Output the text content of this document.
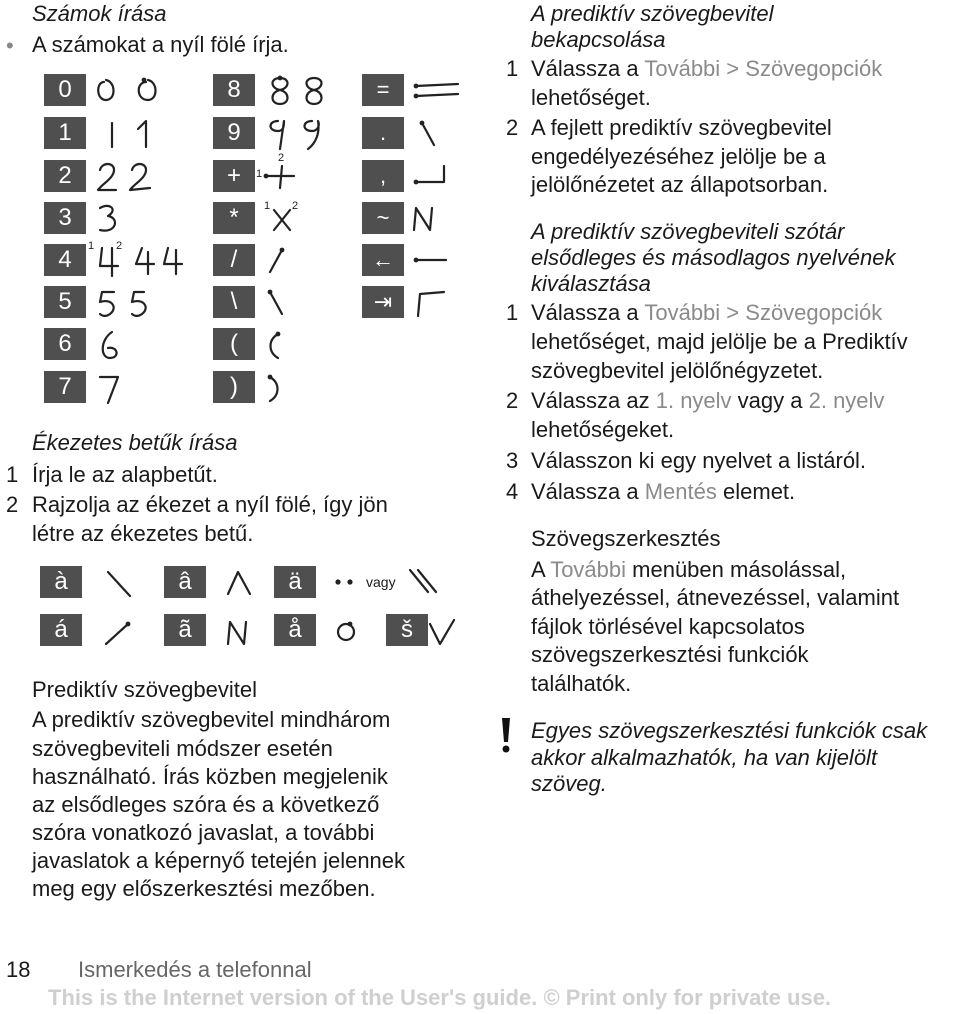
Számok írása
• A számokat a nyíl fölé írja.
0
1
2
3
4
5
6
7
8
9
+
*
/
\
(
)
=
.
,
~
←
⇥
1 2
1
2
1 2
Ékezetes betűk írása
1 Írja le az alapbetűt.
2 Rajzolja az ékezet a nyíl fölé, így jön
létre az ékezetes betű.
à	â	ä
á	ã	å	š
vagy
Prediktív szövegbevitel
A prediktív szövegbevitel mindhárom
szövegbeviteli módszer esetén
használható. Írás közben megjelenik
az elsődleges szóra és a következő
szóra vonatkozó javaslat, a további
javaslatok a képernyő tetején jelennek
meg egy előszerkesztési mezőben.
A prediktív szövegbevitel
bekapcsolása
1 Válassza a További > Szövegopciók
lehetőséget.
2 A fejlett prediktív szövegbevitel
engedélyezéséhez jelölje be a
jelölőnézetet az állapotsorban.
A prediktív szövegbeviteli szótár
elsődleges és másodlagos nyelvének
kiválasztása
1 Válassza a További > Szövegopciók
lehetőséget, majd jelölje be a Prediktív
szövegbevitel jelölőnégyzetet.
2 Válassza az 1. nyelv vagy a 2. nyelv
lehetőségeket.
3 Válasszon ki egy nyelvet a listáról.
4 Válassza a Mentés elemet.
Szövegszerkesztés
A További menüben másolással,
áthelyezéssel, átnevezéssel, valamint
fájlok törlésével kapcsolatos
szövegszerkesztési funkciók
találhatók.
Egyes szövegszerkesztési funkciók csak
akkor alkalmazhatók, ha van kijelölt
szöveg.
18 Ismerkedés a telefonnal
This is the Internet version of the User's guide. © Print only for private use.
